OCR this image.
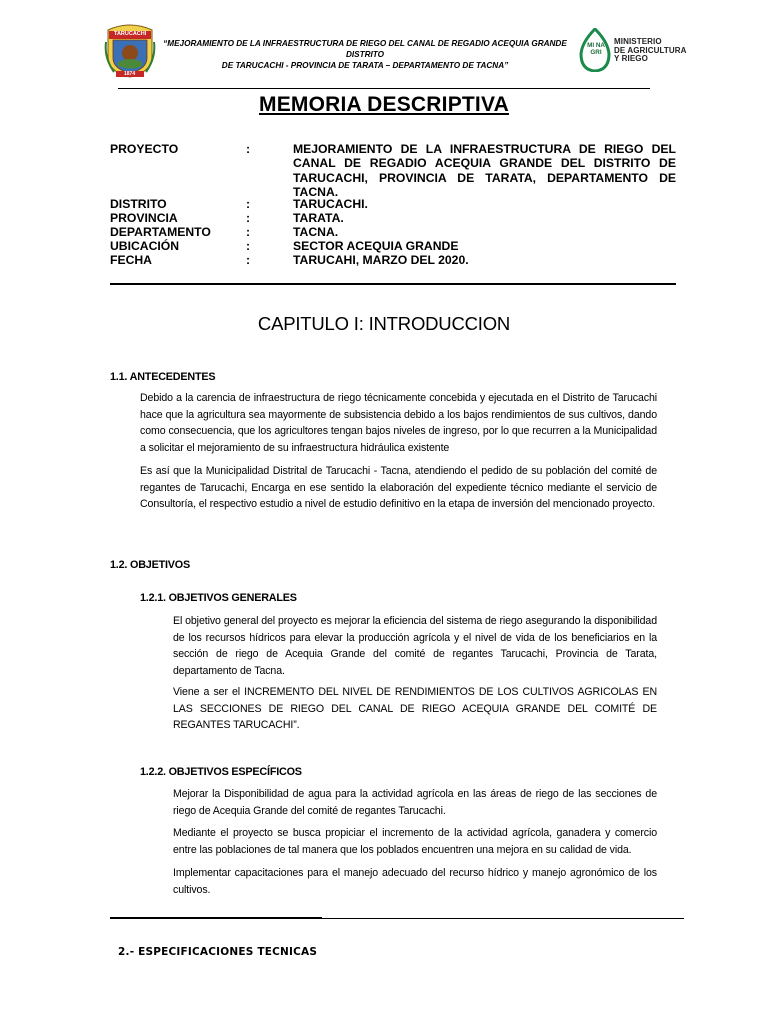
TARUCACHI
1874
“MEJORAMIENTO DE LA INFRAESTRUCTURA DE RIEGO DEL CANAL DE REGADIO ACEQUIA GRANDE DISTRITO
DE TARUCACHI - PROVINCIA DE TARATA – DEPARTAMENTO DE TACNA”
MI NA GRI
MINISTERIO
DE AGRICULTURA
Y RIEGO
MEMORIA DESCRIPTIVA
PROYECTO	:	MEJORAMIENTO DE LA INFRAESTRUCTURA DE RIEGO DEL CANAL DE REGADIO ACEQUIA GRANDE DEL DISTRITO DE TARUCACHI, PROVINCIA DE TARATA, DEPARTAMENTO DE TACNA.
DISTRITO	:	TARUCACHI.
PROVINCIA	:	TARATA.
DEPARTAMENTO	:	TACNA.
UBICACIÓN	:	SECTOR ACEQUIA GRANDE
FECHA	:	TARUCAHI, MARZO DEL 2020.
CAPITULO I: INTRODUCCION
1.1. ANTECEDENTES
Debido a la carencia de infraestructura de riego técnicamente concebida y ejecutada en el Distrito de Tarucachi hace que la agricultura sea mayormente de subsistencia debido a los bajos rendimientos de sus cultivos, dando como consecuencia, que los agricultores tengan bajos niveles de ingreso, por lo que recurren a la Municipalidad a solicitar el mejoramiento de su infraestructura hidráulica existente
Es así que la Municipalidad Distrital de Tarucachi - Tacna, atendiendo el pedido de su población del comité de regantes de Tarucachi, Encarga en ese sentido la elaboración del expediente técnico mediante el servicio de Consultoría, el respectivo estudio a nivel de estudio definitivo en la etapa de inversión del mencionado proyecto.
1.2. OBJETIVOS
1.2.1. OBJETIVOS GENERALES
El objetivo general del proyecto es mejorar la eficiencia del sistema de riego asegurando la disponibilidad de los recursos hídricos para elevar la producción agrícola y el nivel de vida de los beneficiarios en la sección de riego de Acequia Grande del comité de regantes Tarucachi, Provincia de Tarata, departamento de Tacna.
Viene a ser el INCREMENTO DEL NIVEL DE RENDIMIENTOS DE LOS CULTIVOS AGRICOLAS EN LAS SECCIONES DE RIEGO DEL CANAL DE RIEGO ACEQUIA GRANDE DEL COMITÉ DE REGANTES TARUCACHI”.
1.2.2. OBJETIVOS ESPECÍFICOS
Mejorar la Disponibilidad de agua para la actividad agrícola en las áreas de riego de las secciones de riego de Acequia Grande del comité de regantes Tarucachi.
Mediante el proyecto se busca propiciar el incremento de la actividad agrícola, ganadera y comercio entre las poblaciones de tal manera que los poblados encuentren una mejora en su calidad de vida.
Implementar capacitaciones para el manejo adecuado del recurso hídrico y manejo agronómico de los cultivos.
2.- ESPECIFICACIONES TECNICAS
